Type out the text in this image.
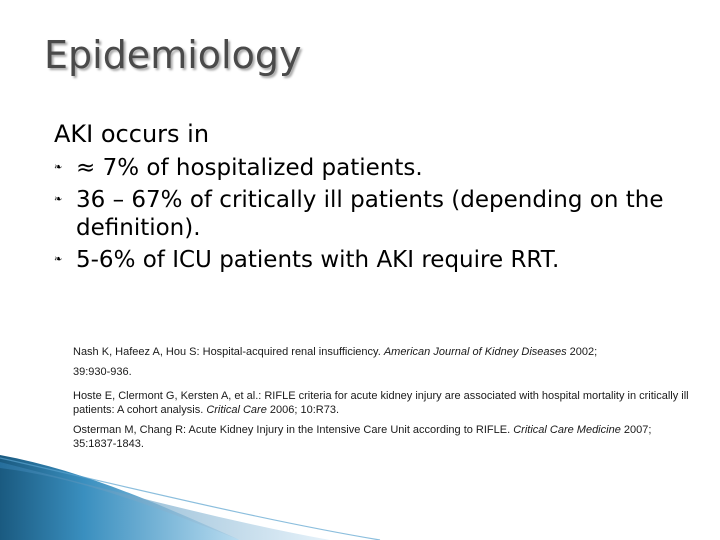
Epidemiology
AKI occurs in
❧ ≈ 7% of hospitalized patients.
❧ 36 – 67% of critically ill patients (depending on the definition).
❧ 5-6% of ICU patients with AKI require RRT.

Nash K, Hafeez A, Hou S: Hospital-acquired renal insufficiency. American Journal of Kidney Diseases 2002;

39:930-936.

Hoste E, Clermont G, Kersten A, et al.: RIFLE criteria for acute kidney injury are associated with hospital mortality in critically ill patients: A cohort analysis. Critical Care 2006; 10:R73.

Osterman M, Chang R: Acute Kidney Injury in the Intensive Care Unit according to RIFLE. Critical Care Medicine 2007; 35:1837-1843.
